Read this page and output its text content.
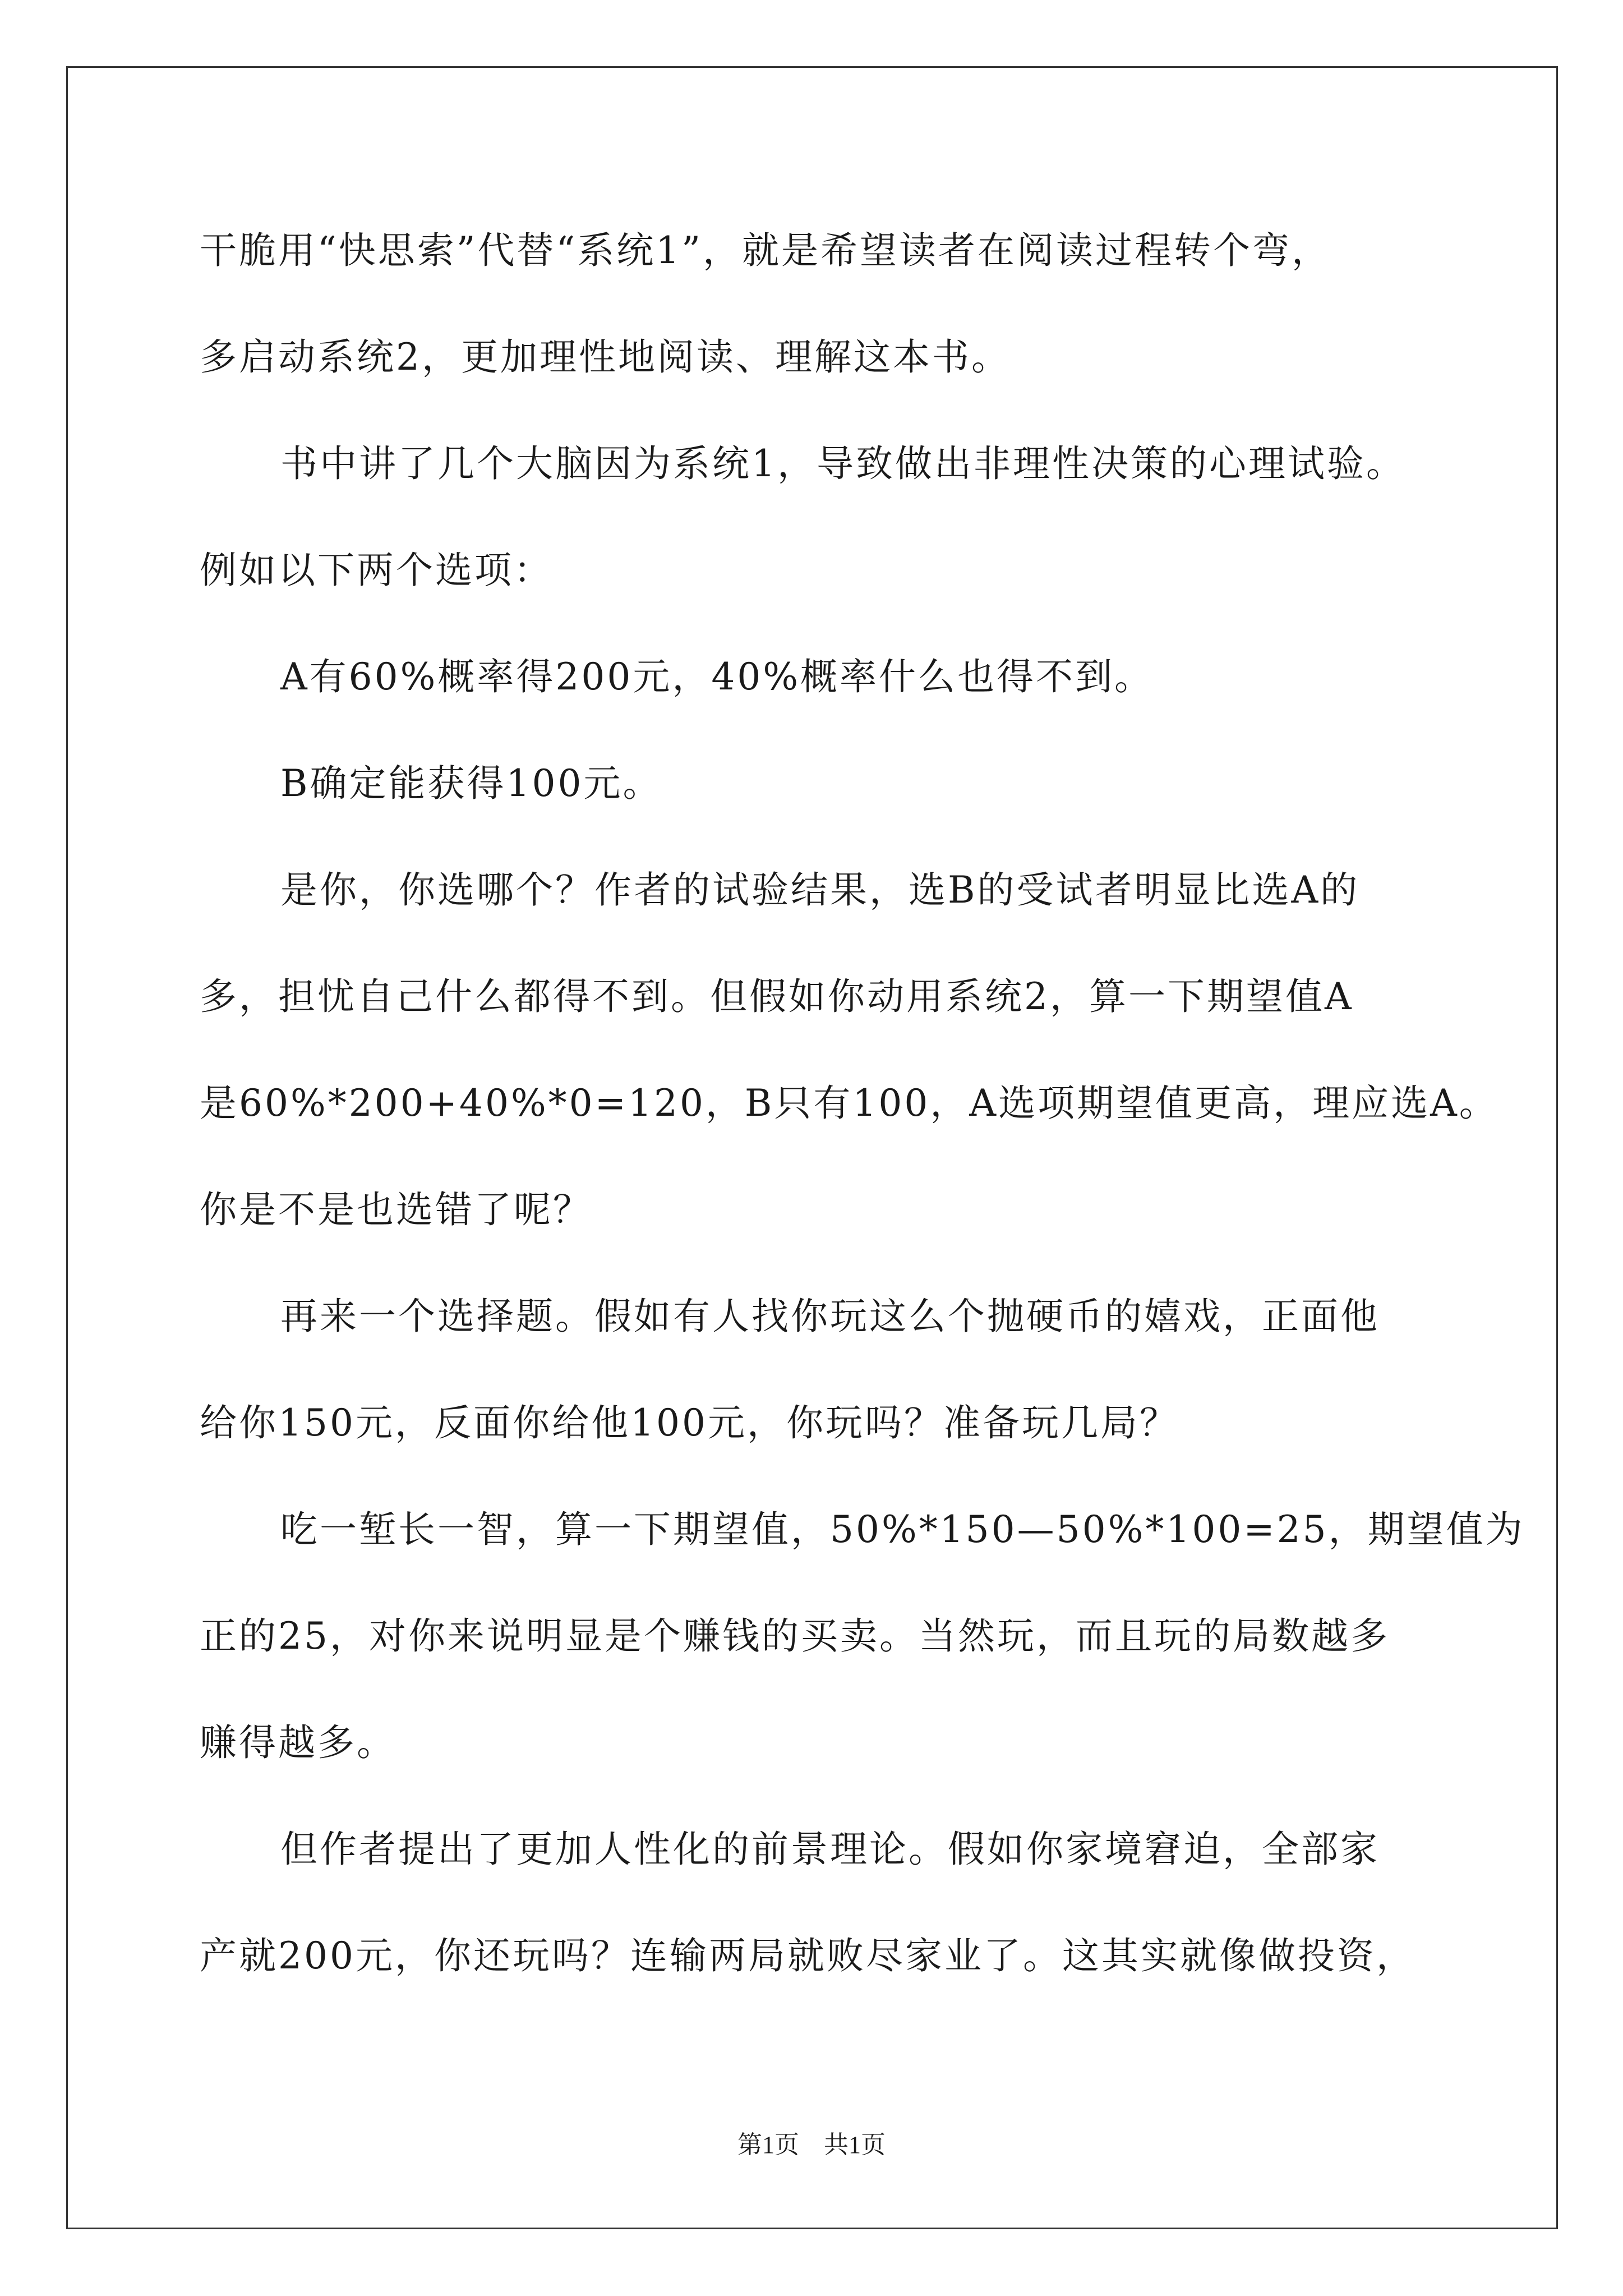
干脆用“快思索”代替“系统1”，就是希望读者在阅读过程转个弯，
多启动系统2，更加理性地阅读、理解这本书。
书中讲了几个大脑因为系统1，导致做出非理性决策的心理试验。
例如以下两个选项：
A有60%概率得200元，40%概率什么也得不到。
B确定能获得100元。
是你，你选哪个？作者的试验结果，选B的受试者明显比选A的
多，担忧自己什么都得不到。但假如你动用系统2，算一下期望值A
是60%*200+40%*0=120，B只有100，A选项期望值更高，理应选A。
你是不是也选错了呢？
再来一个选择题。假如有人找你玩这么个抛硬币的嬉戏，正面他
给你150元，反面你给他100元，你玩吗？准备玩几局？
吃一堑长一智，算一下期望值，50%*150—50%*100=25，期望值为
正的25，对你来说明显是个赚钱的买卖。当然玩，而且玩的局数越多
赚得越多。
但作者提出了更加人性化的前景理论。假如你家境窘迫，全部家
产就200元，你还玩吗？连输两局就败尽家业了。这其实就像做投资，
第1页 共1页
